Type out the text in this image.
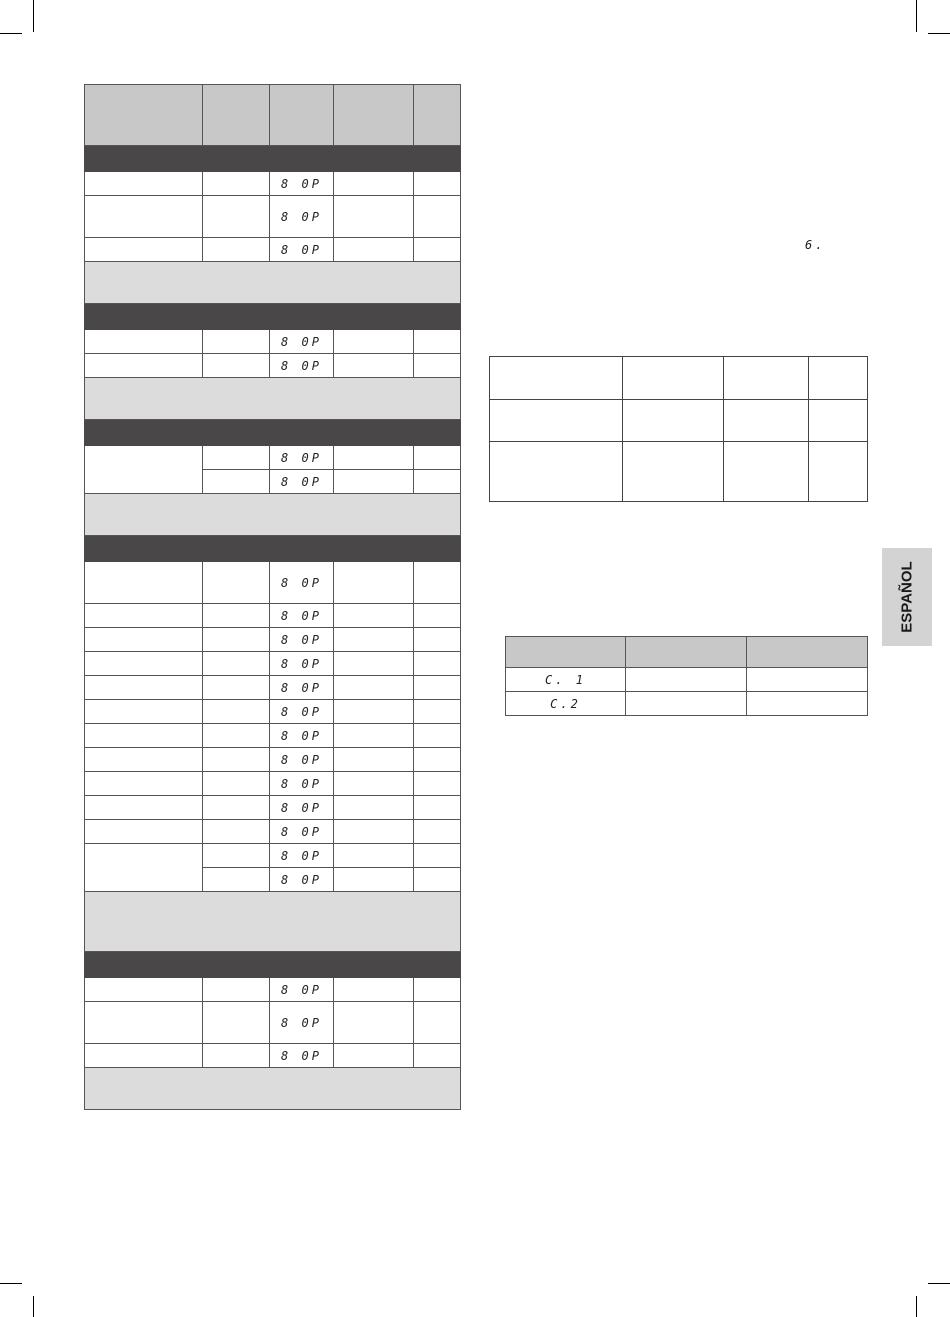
		8 0P		
		8 0P		
		8 0P		

		8 0P		
		8 0P		

		8 0P		
		8 0P		

		8 0P		
		8 0P		
		8 0P		
		8 0P		
		8 0P		
		8 0P		
		8 0P		
		8 0P		
		8 0P		
		8 0P		
		8 0P		
		8 0P		
		8 0P		

		8 0P		
		8 0P		
		8 0P		

6.

C. 1		
C.2		
ESPAÑOL
